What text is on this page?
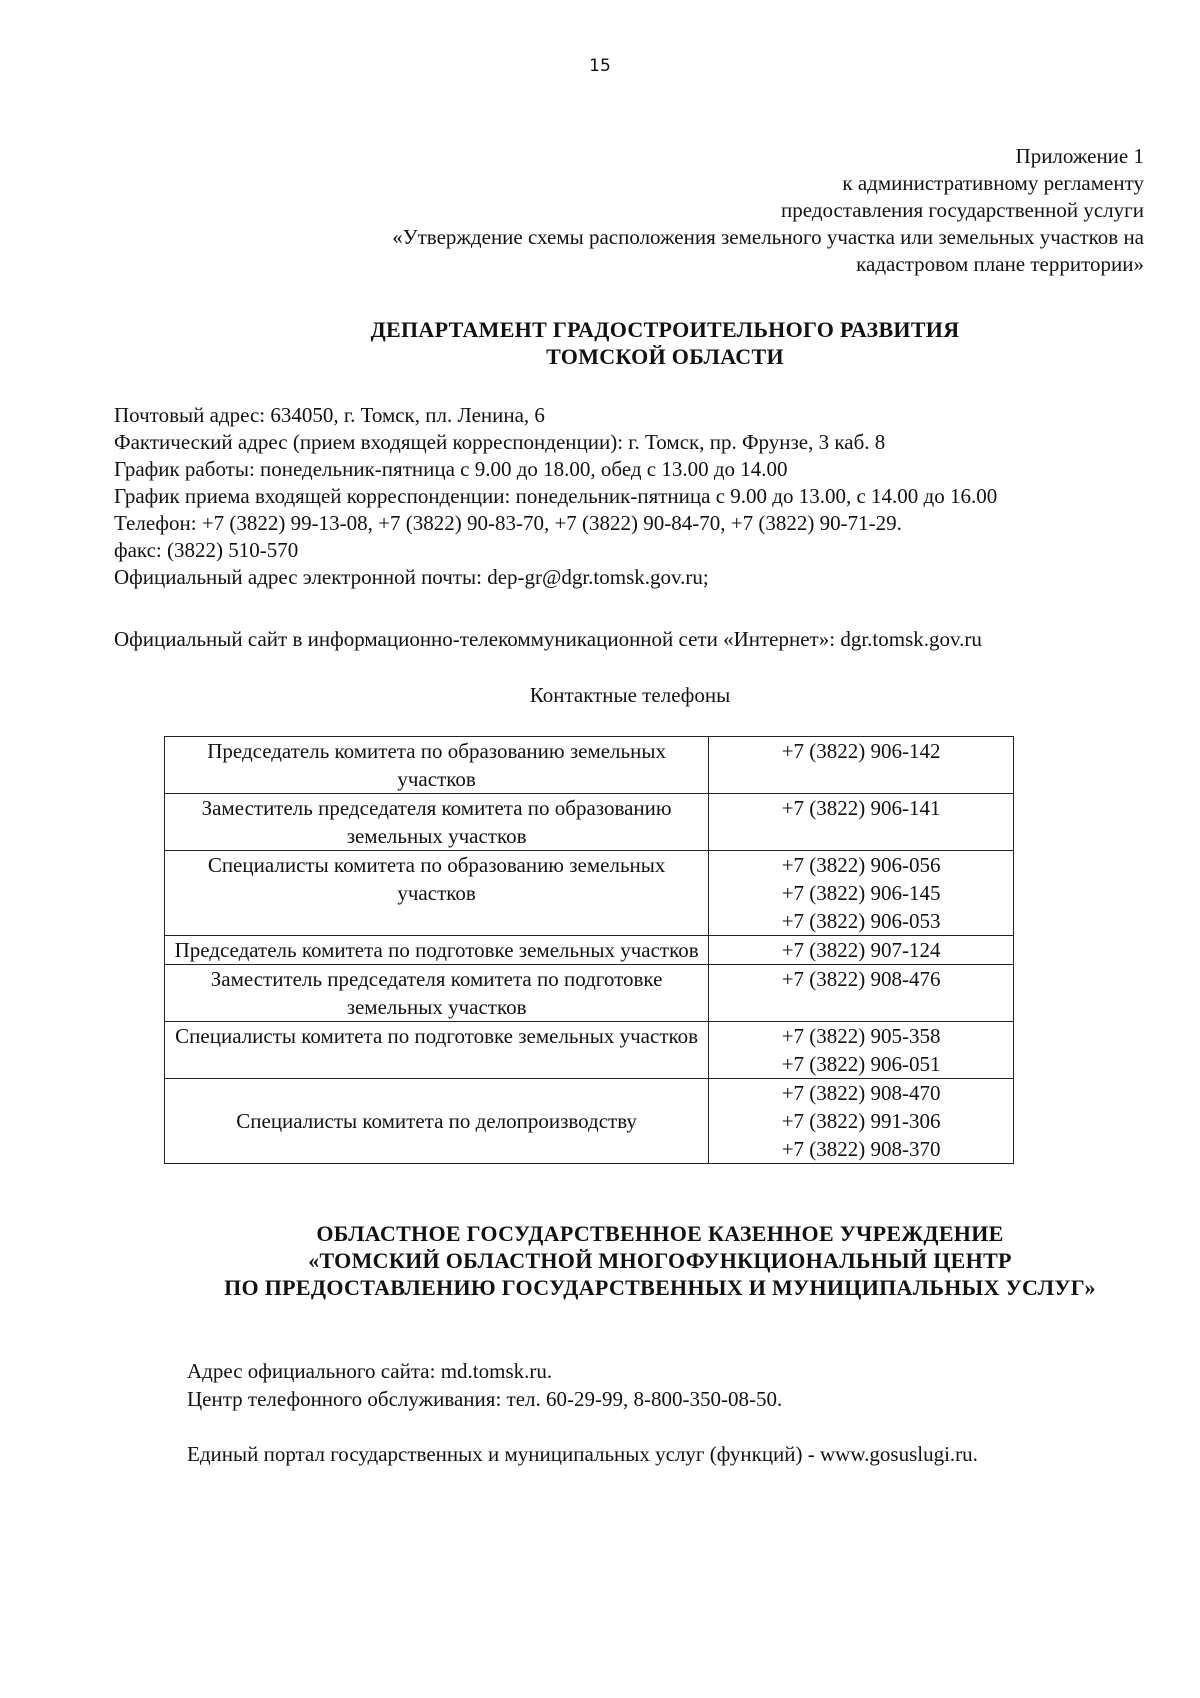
15
Приложение 1
к административному регламенту
предоставления государственной услуги
«Утверждение схемы расположения земельного участка или земельных участков на
кадастровом плане территории»
ДЕПАРТАМЕНТ ГРАДОСТРОИТЕЛЬНОГО РАЗВИТИЯ
ТОМСКОЙ ОБЛАСТИ
Почтовый адрес: 634050, г. Томск, пл. Ленина, 6
Фактический адрес (прием входящей корреспонденции): г. Томск, пр. Фрунзе, 3 каб. 8
График работы: понедельник-пятница с 9.00 до 18.00, обед с 13.00 до 14.00
График приема входящей корреспонденции: понедельник-пятница с 9.00 до 13.00, с 14.00 до 16.00
Телефон: +7 (3822) 99-13-08, +7 (3822) 90-83-70, +7 (3822) 90-84-70, +7 (3822) 90-71-29.
факс: (3822) 510-570
Официальный адрес электронной почты: dep-gr@dgr.tomsk.gov.ru;
Официальный сайт в информационно-телекоммуникационной сети «Интернет»: dgr.tomsk.gov.ru
Контактные телефоны
Председатель комитета по образованию земельных участков	+7 (3822) 906-142

Заместитель председателя комитета по образованию земельных участков	+7 (3822) 906-141

Специалисты комитета по образованию земельных участков	+7 (3822) 906-056
+7 (3822) 906-145
+7 (3822) 906-053

Председатель комитета по подготовке земельных участков	+7 (3822) 907-124

Заместитель председателя комитета по подготовке земельных участков	+7 (3822) 908-476

Специалисты комитета по подготовке земельных участков	+7 (3822) 905-358
+7 (3822) 906-051

Специалисты комитета по делопроизводству	+7 (3822) 908-470
+7 (3822) 991-306
+7 (3822) 908-370
ОБЛАСТНОЕ ГОСУДАРСТВЕННОЕ КАЗЕННОЕ УЧРЕЖДЕНИЕ
«ТОМСКИЙ ОБЛАСТНОЙ МНОГОФУНКЦИОНАЛЬНЫЙ ЦЕНТР
ПО ПРЕДОСТАВЛЕНИЮ ГОСУДАРСТВЕННЫХ И МУНИЦИПАЛЬНЫХ УСЛУГ»
Адрес официального сайта: md.tomsk.ru.
Центр телефонного обслуживания: тел. 60-29-99, 8-800-350-08-50.
Единый портал государственных и муниципальных услуг (функций) - www.gosuslugi.ru.
